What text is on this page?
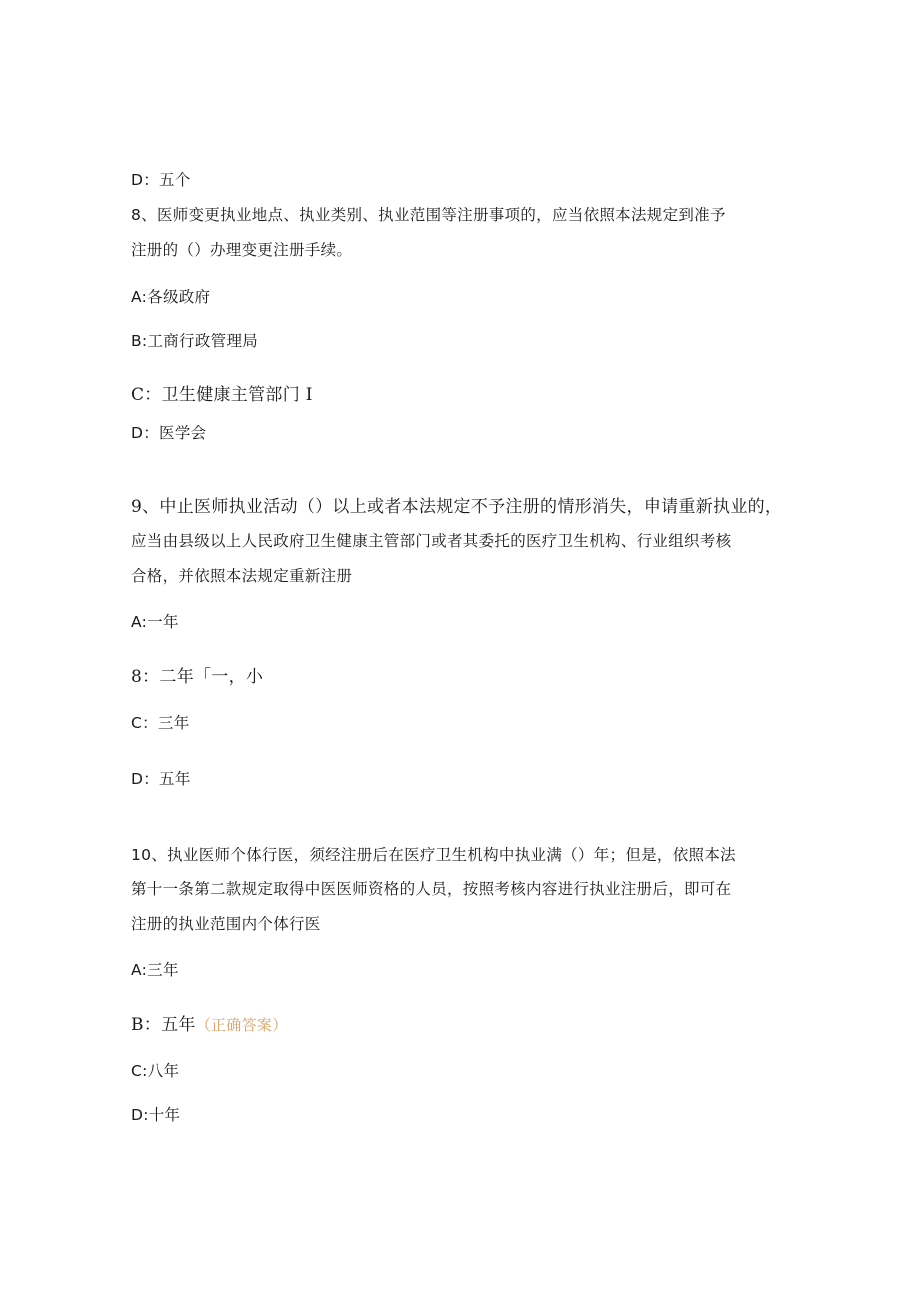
D：五个
8、医师变更执业地点、执业类别、执业范围等注册事项的，应当依照本法规定到准予
注册的（）办理变更注册手续。
A:各级政府
B:工商行政管理局
C：卫生健康主管部门 I
D：医学会
9、中止医师执业活动（）以上或者本法规定不予注册的情形消失，申请重新执业的，
应当由县级以上人民政府卫生健康主管部门或者其委托的医疗卫生机构、行业组织考核
合格，并依照本法规定重新注册
A:一年
8：二年「一，小
C：三年
D：五年
10、执业医师个体行医，须经注册后在医疗卫生机构中执业满（）年；但是，依照本法
第十一条第二款规定取得中医医师资格的人员，按照考核内容进行执业注册后，即可在
注册的执业范围内个体行医
A:三年
B：五年（正确答案）
C:八年
D:十年
